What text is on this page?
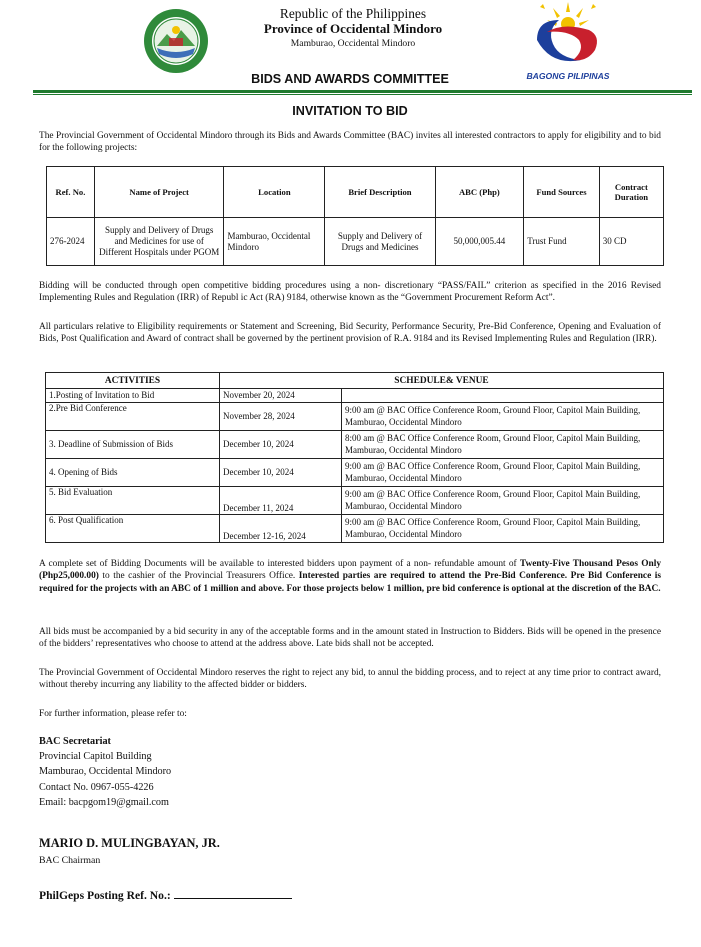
Republic of the Philippines
Province of Occidental Mindoro
Mamburao, Occidental Mindoro
BAGONG PILIPINAS
BIDS AND AWARDS COMMITTEE
INVITATION TO BID
The Provincial Government of Occidental Mindoro through its Bids and Awards Committee (BAC) invites all interested contractors to apply for eligibility and to bid for the following projects:
Ref. No.	Name of Project	Location	Brief Description	ABC (Php)	Fund Sources	Contract Duration
276-2024	Supply and Delivery of Drugs and Medicines for use of Different Hospitals under PGOM	Mamburao, Occidental Mindoro	Supply and Delivery of Drugs and Medicines	50,000,005.44	Trust Fund	30 CD
Bidding will be conducted through open competitive bidding procedures using a non- discretionary “PASS/FAIL” criterion as specified in the 2016 Revised Implementing Rules and Regulation (IRR) of Republ ic Act (RA) 9184, otherwise known as the “Government Procurement Reform Act”.
All particulars relative to Eligibility requirements or Statement and Screening, Bid Security, Performance Security, Pre-Bid Conference, Opening and Evaluation of Bids, Post Qualification and Award of contract shall be governed by the pertinent provision of R.A. 9184 and its Revised Implementing Rules and Regulation (IRR).
ACTIVITIES	SCHEDULE& VENUE	
1.Posting of Invitation to Bid	November 20, 2024	
2.Pre Bid Conference	November 28, 2024	9:00 am @ BAC Office Conference Room, Ground Floor, Capitol Main Building, Mamburao, Occidental Mindoro
3. Deadline of Submission of Bids	December 10, 2024	8:00 am @ BAC Office Conference Room, Ground Floor, Capitol Main Building, Mamburao, Occidental Mindoro
4. Opening of Bids	December 10, 2024	9:00 am @ BAC Office Conference Room, Ground Floor, Capitol Main Building, Mamburao, Occidental Mindoro
5. Bid Evaluation	December 11, 2024	9:00 am @ BAC Office Conference Room, Ground Floor, Capitol Main Building, Mamburao, Occidental Mindoro
6. Post Qualification	December 12-16, 2024	9:00 am @ BAC Office Conference Room, Ground Floor, Capitol Main Building, Mamburao, Occidental Mindoro
A complete set of Bidding Documents will be available to interested bidders upon payment of a non- refundable amount of Twenty-Five Thousand Pesos Only (Php25,000.00) to the cashier of the Provincial Treasurers Office. Interested parties are required to attend the Pre-Bid Conference. Pre Bid Conference is required for the projects with an ABC of 1 million and above. For those projects below 1 million, pre bid conference is optional at the discretion of the BAC.
All bids must be accompanied by a bid security in any of the acceptable forms and in the amount stated in Instruction to Bidders. Bids will be opened in the presence of the bidders’ representatives who choose to attend at the address above. Late bids shall not be accepted.
The Provincial Government of Occidental Mindoro reserves the right to reject any bid, to annul the bidding process, and to reject at any time prior to contract award, without thereby incurring any liability to the affected bidder or bidders.
For further information, please refer to:
BAC Secretariat
Provincial Capitol Building
Mamburao, Occidental Mindoro
Contact No. 0967-055-4226
Email: bacpgom19@gmail.com
MARIO D. MULINGBAYAN, JR.
BAC Chairman
PhilGeps Posting Ref. No.:
